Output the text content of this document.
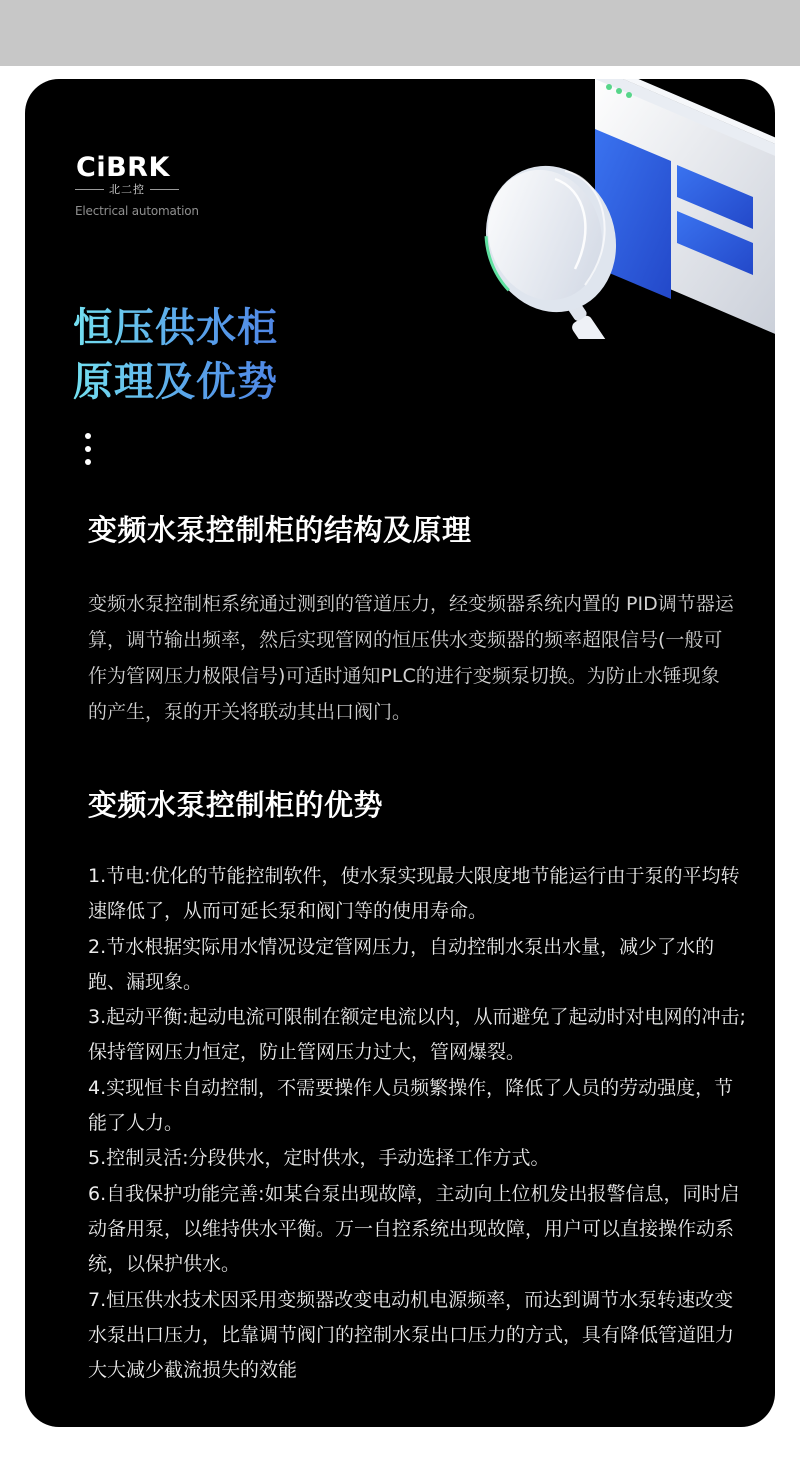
CiBRK
北二控
Electrical automation
恒压供水柜
原理及优势
变频水泵控制柜的结构及原理

变频水泵控制柜系统通过测到的管道压力，经变频器系统内置的 PID调节器运算，调节输出频率，然后实现管网的恒压供水变频器的频率超限信号(一般可作为管网压力极限信号)可适时通知PLC的进行变频泵切换。为防止水锤现象的产生，泵的开关将联动其出口阀门。

变频水泵控制柜的优势
1.节电:优化的节能控制软件，使水泵实现最大限度地节能运行由于泵的平均转速降低了，从而可延长泵和阀门等的使用寿命。
2.节水根据实际用水情况设定管网压力，自动控制水泵出水量，减少了水的跑、漏现象。
3.起动平衡:起动电流可限制在额定电流以内，从而避免了起动时对电网的冲击;保持管网压力恒定，防止管网压力过大，管网爆裂。
4.实现恒卡自动控制，不需要操作人员频繁操作，降低了人员的劳动强度，节能了人力。
5.控制灵活:分段供水，定时供水，手动选择工作方式。
6.自我保护功能完善:如某台泵出现故障，主动向上位机发出报警信息，同时启动备用泵，以维持供水平衡。万一自控系统出现故障，用户可以直接操作动系统，以保护供水。
7.恒压供水技术因采用变频器改变电动机电源频率，而达到调节水泵转速改变水泵出口压力，比靠调节阀门的控制水泵出口压力的方式，具有降低管道阻力大大减少截流损失的效能
